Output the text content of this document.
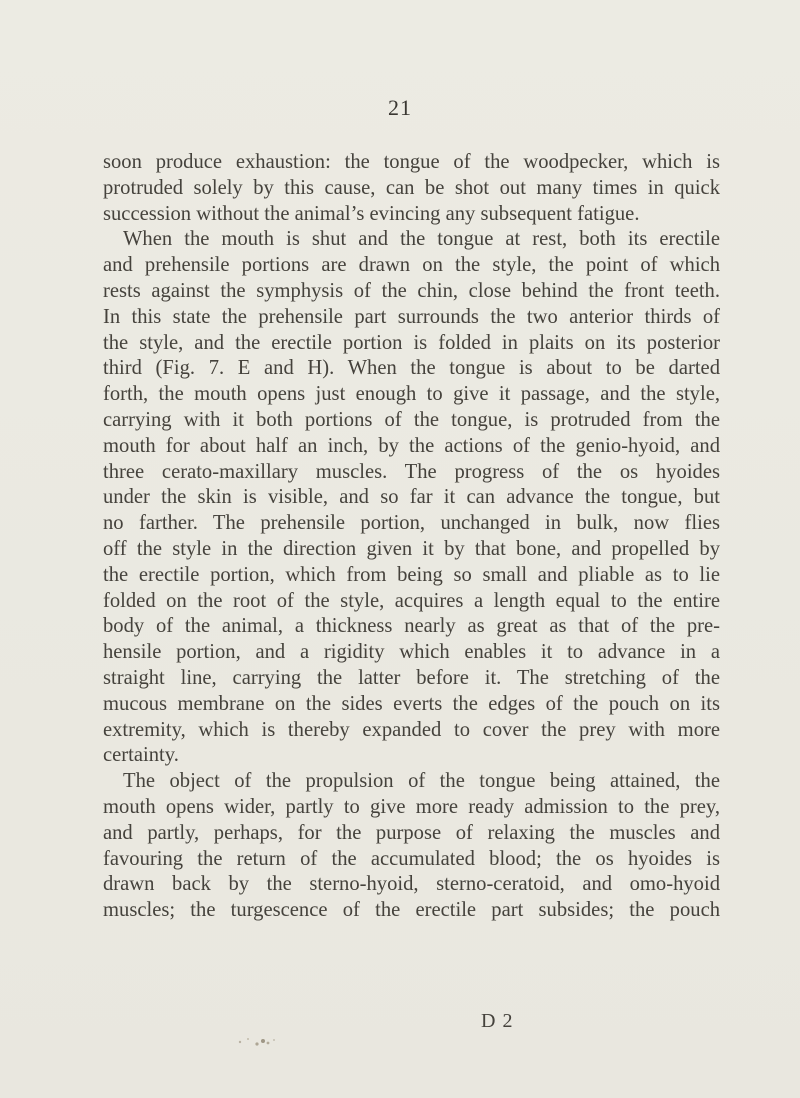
21
soon produce exhaustion: the tongue of the woodpecker, which is
protruded solely by this cause, can be shot out many times in quick
succession without the animal’s evincing any subsequent fatigue.
When the mouth is shut and the tongue at rest, both its erectile
and prehensile portions are drawn on the style, the point of which
rests against the symphysis of the chin, close behind the front teeth.
In this state the prehensile part surrounds the two anterior thirds of
the style, and the erectile portion is folded in plaits on its posterior
third (Fig. 7. E and H). When the tongue is about to be darted
forth, the mouth opens just enough to give it passage, and the style,
carrying with it both portions of the tongue, is protruded from the
mouth for about half an inch, by the actions of the genio-hyoid, and
three cerato-maxillary muscles. The progress of the os hyoides
under the skin is visible, and so far it can advance the tongue, but
no farther. The prehensile portion, unchanged in bulk, now flies
off the style in the direction given it by that bone, and propelled by
the erectile portion, which from being so small and pliable as to lie
folded on the root of the style, acquires a length equal to the entire
body of the animal, a thickness nearly as great as that of the pre-
hensile portion, and a rigidity which enables it to advance in a
straight line, carrying the latter before it. The stretching of the
mucous membrane on the sides everts the edges of the pouch on its
extremity, which is thereby expanded to cover the prey with more
certainty.
The object of the propulsion of the tongue being attained, the
mouth opens wider, partly to give more ready admission to the prey,
and partly, perhaps, for the purpose of relaxing the muscles and
favouring the return of the accumulated blood; the os hyoides is
drawn back by the sterno-hyoid, sterno-ceratoid, and omo-hyoid
muscles; the turgescence of the erectile part subsides; the pouch
D 2
